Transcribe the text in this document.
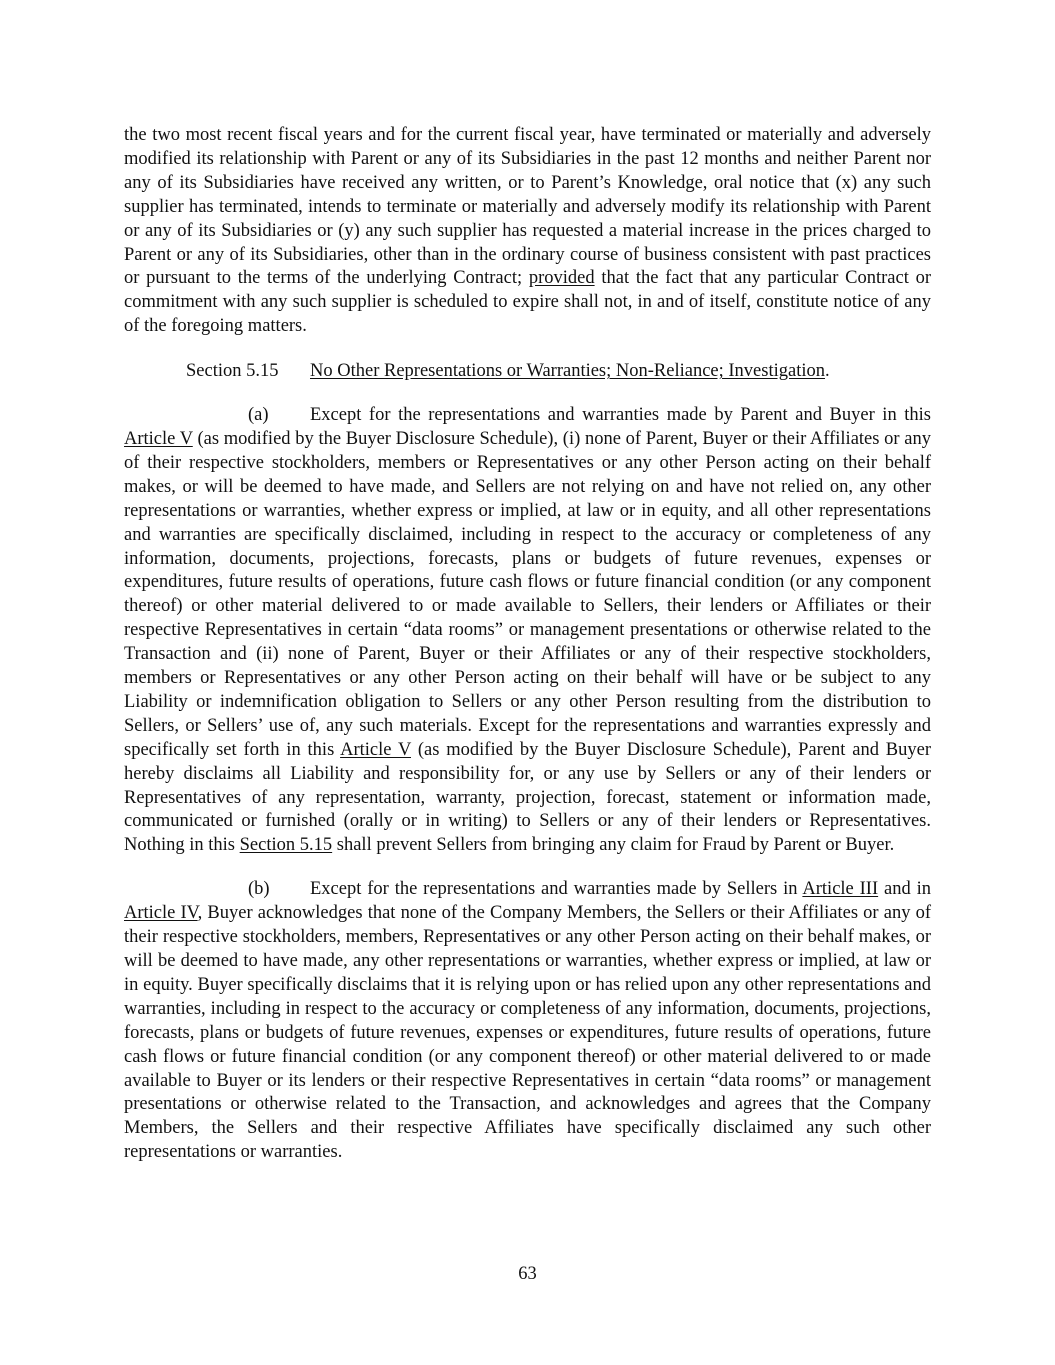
the two most recent fiscal years and for the current fiscal year, have terminated or materially and adversely modified its relationship with Parent or any of its Subsidiaries in the past 12 months and neither Parent nor any of its Subsidiaries have received any written, or to Parent’s Knowledge, oral notice that (x) any such supplier has terminated, intends to terminate or materially and adversely modify its relationship with Parent or any of its Subsidiaries or (y) any such supplier has requested a material increase in the prices charged to Parent or any of its Subsidiaries, other than in the ordinary course of business consistent with past practices or pursuant to the terms of the underlying Contract; provided that the fact that any particular Contract or commitment with any such supplier is scheduled to expire shall not, in and of itself, constitute notice of any of the foregoing matters.

Section 5.15 No Other Representations or Warranties; Non-Reliance; Investigation.

(a) Except for the representations and warranties made by Parent and Buyer in this Article V (as modified by the Buyer Disclosure Schedule), (i) none of Parent, Buyer or their Affiliates or any of their respective stockholders, members or Representatives or any other Person acting on their behalf makes, or will be deemed to have made, and Sellers are not relying on and have not relied on, any other representations or warranties, whether express or implied, at law or in equity, and all other representations and warranties are specifically disclaimed, including in respect to the accuracy or completeness of any information, documents, projections, forecasts, plans or budgets of future revenues, expenses or expenditures, future results of operations, future cash flows or future financial condition (or any component thereof) or other material delivered to or made available to Sellers, their lenders or Affiliates or their respective Representatives in certain “data rooms” or management presentations or otherwise related to the Transaction and (ii) none of Parent, Buyer or their Affiliates or any of their respective stockholders, members or Representatives or any other Person acting on their behalf will have or be subject to any Liability or indemnification obligation to Sellers or any other Person resulting from the distribution to Sellers, or Sellers’ use of, any such materials. Except for the representations and warranties expressly and specifically set forth in this Article V (as modified by the Buyer Disclosure Schedule), Parent and Buyer hereby disclaims all Liability and responsibility for, or any use by Sellers or any of their lenders or Representatives of any representation, warranty, projection, forecast, statement or information made, communicated or furnished (orally or in writing) to Sellers or any of their lenders or Representatives. Nothing in this Section 5.15 shall prevent Sellers from bringing any claim for Fraud by Parent or Buyer.

(b) Except for the representations and warranties made by Sellers in Article III and in Article IV, Buyer acknowledges that none of the Company Members, the Sellers or their Affiliates or any of their respective stockholders, members, Representatives or any other Person acting on their behalf makes, or will be deemed to have made, any other representations or warranties, whether express or implied, at law or in equity. Buyer specifically disclaims that it is relying upon or has relied upon any other representations and warranties, including in respect to the accuracy or completeness of any information, documents, projections, forecasts, plans or budgets of future revenues, expenses or expenditures, future results of operations, future cash flows or future financial condition (or any component thereof) or other material delivered to or made available to Buyer or its lenders or their respective Representatives in certain “data rooms” or management presentations or otherwise related to the Transaction, and acknowledges and agrees that the Company Members, the Sellers and their respective Affiliates have specifically disclaimed any such other representations or warranties.

63
